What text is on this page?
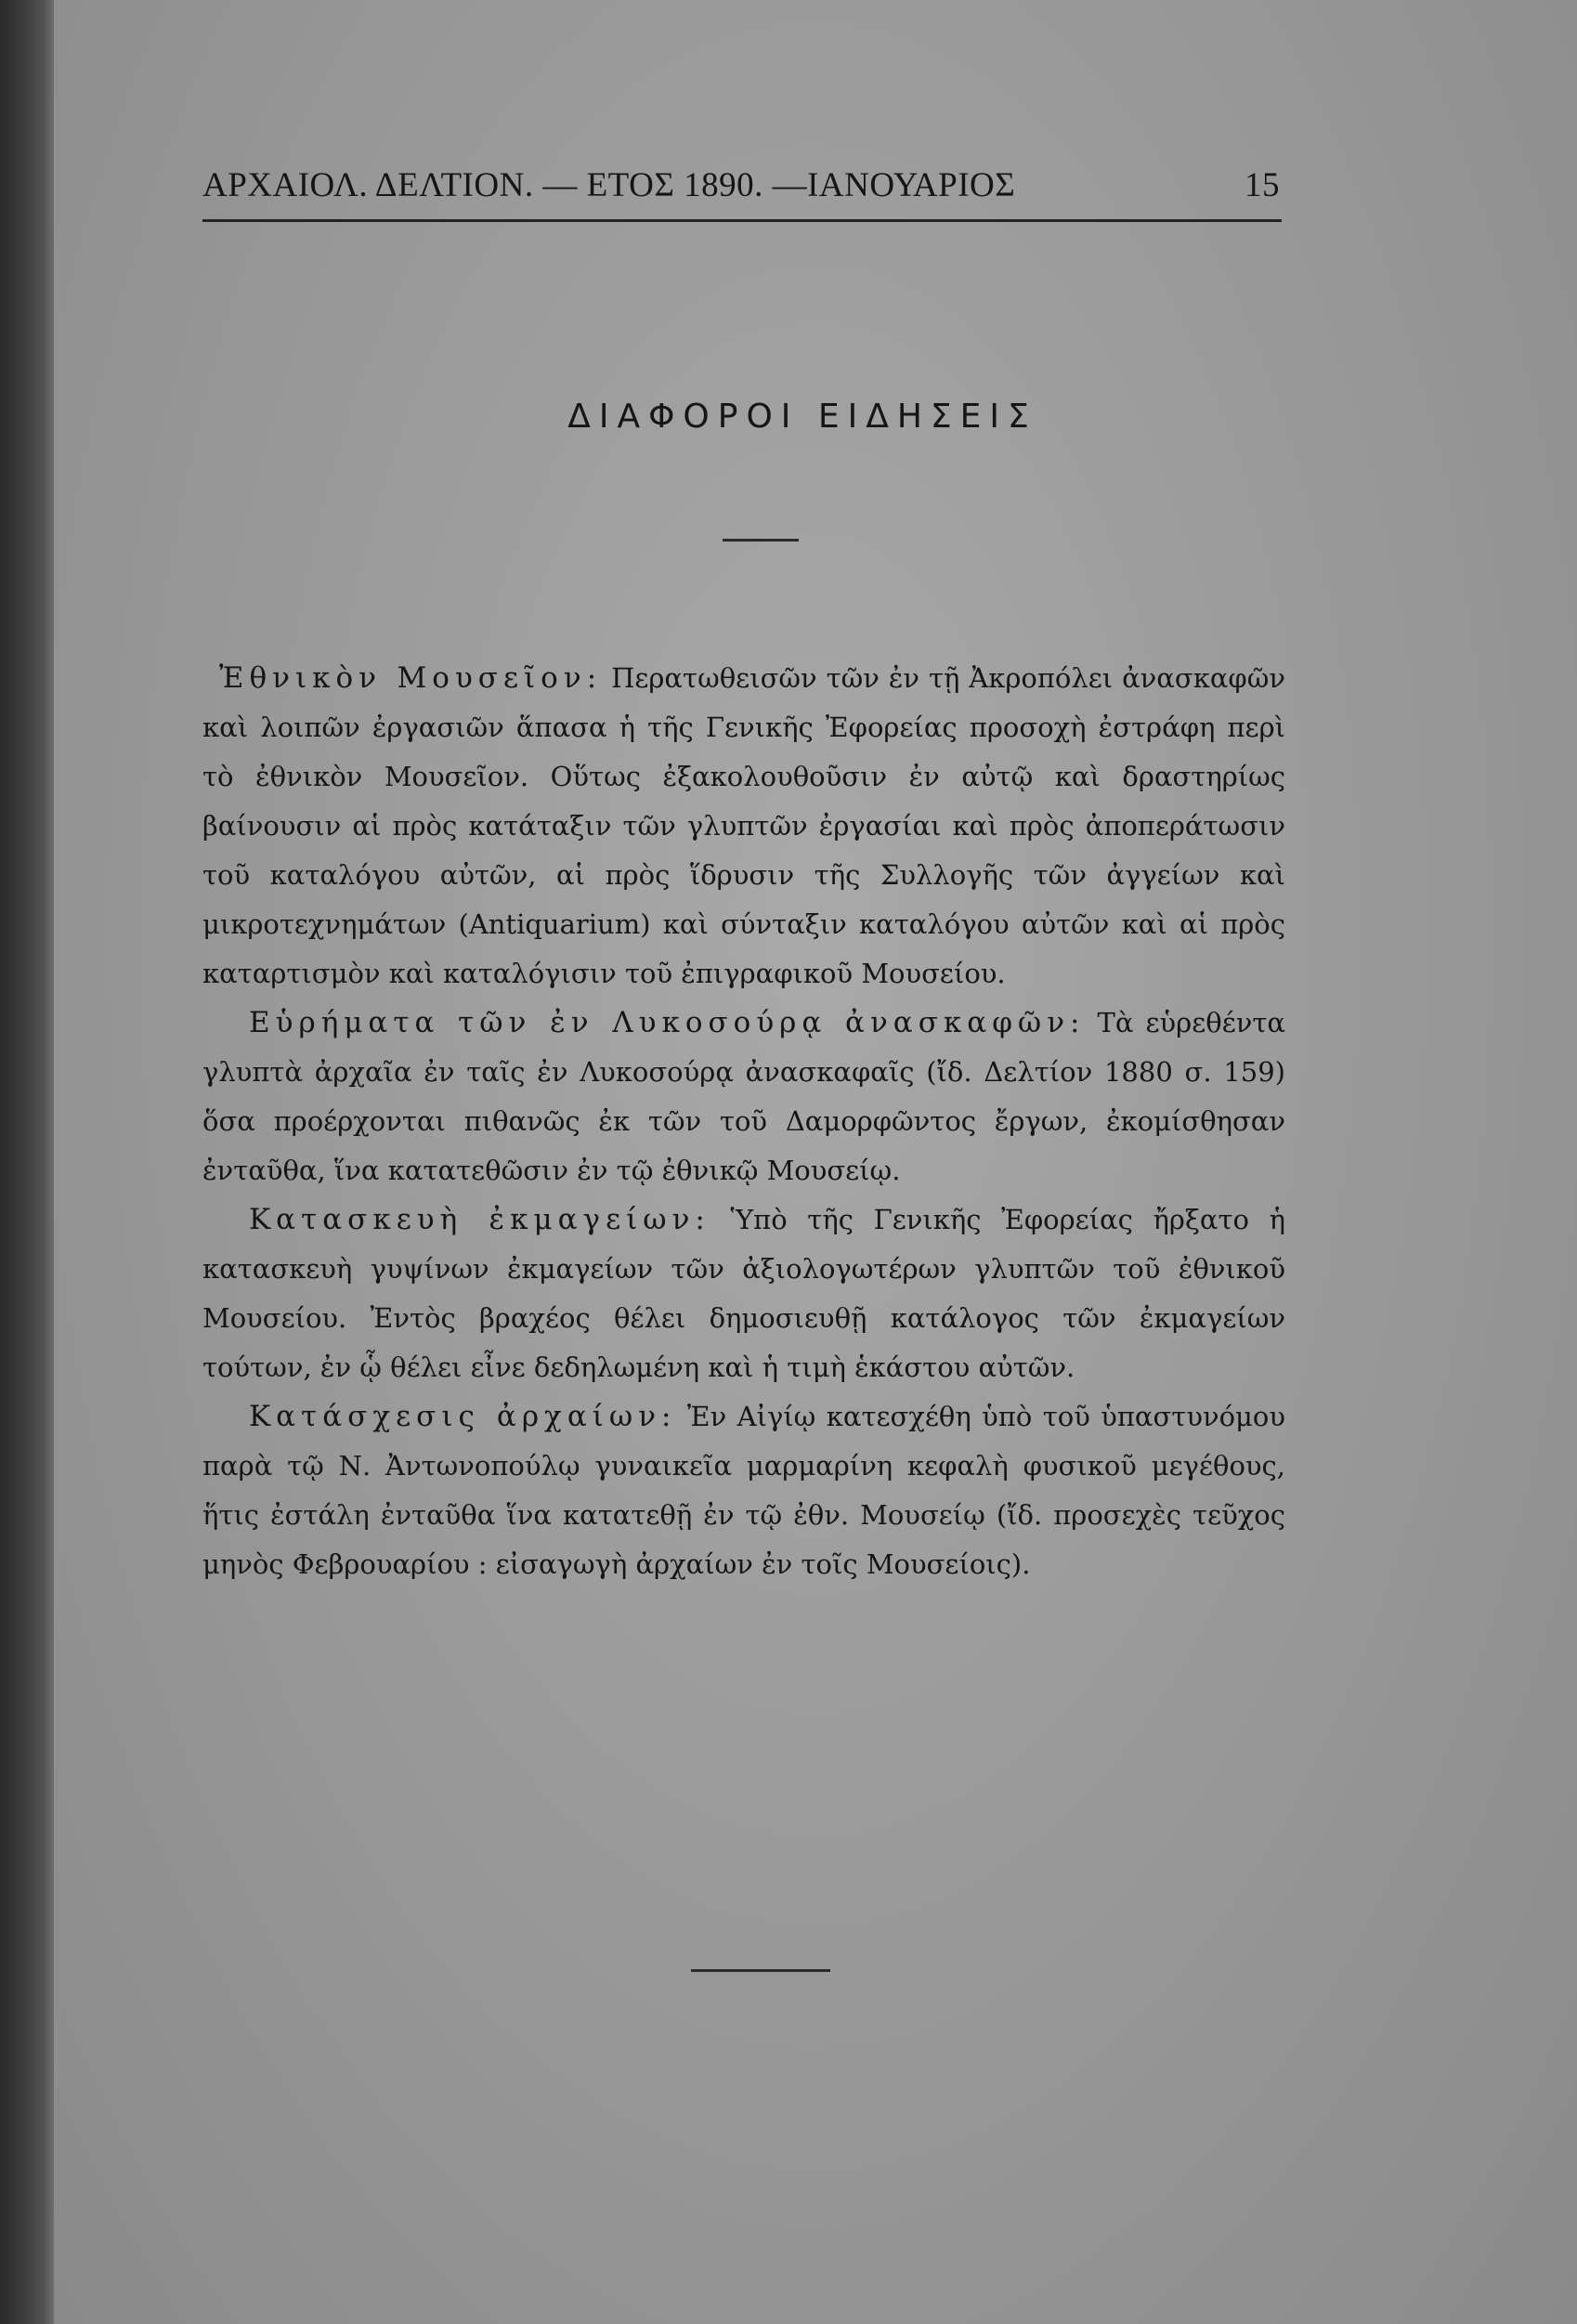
ΑΡΧΑΙΟΛ. ΔΕΛΤΙΟΝ. — ΕΤΟΣ 1890. —ΙΑΝΟΥΑΡΙΟΣ	15
ΔΙΑΦΟΡΟΙ ΕΙΔΗΣΕΙΣ

Ἐθνικὸν Μουσεῖον: Περατωθεισῶν τῶν ἐν τῇ Ἀκροπόλει ἀνασκαφῶν καὶ λοιπῶν ἐργασιῶν ἅπασα ἡ τῆς Γενικῆς Ἐφορείας προσοχὴ ἐστράφη περὶ τὸ ἐθνικὸν Μουσεῖον. Οὕτως ἐξακολουθοῦσιν ἐν αὐτῷ καὶ δραστηρίως βαίνουσιν αἱ πρὸς κατάταξιν τῶν γλυπτῶν ἐργασίαι καὶ πρὸς ἀποπεράτωσιν τοῦ καταλόγου αὐτῶν, αἱ πρὸς ἵδρυσιν τῆς Συλλογῆς τῶν ἀγγείων καὶ μικροτεχνημάτων (Antiquarium) καὶ σύνταξιν καταλόγου αὐτῶν καὶ αἱ πρὸς καταρτισμὸν καὶ καταλόγισιν τοῦ ἐπιγραφικοῦ Μουσείου.

Εὑρήματα τῶν ἐν Λυκοσούρᾳ ἀνασκαφῶν: Τὰ εὑρεθέντα γλυπτὰ ἀρχαῖα ἐν ταῖς ἐν Λυκοσούρᾳ ἀνασκαφαῖς (ἴδ. Δελτίον 1880 σ. 159) ὅσα προέρχονται πιθανῶς ἐκ τῶν τοῦ Δαμορφῶντος ἔργων, ἐκομίσθησαν ἐνταῦθα, ἵνα κατατεθῶσιν ἐν τῷ ἐθνικῷ Μουσείῳ.

Κατασκευὴ ἐκμαγείων: Ὑπὸ τῆς Γενικῆς Ἐφορείας ἤρξατο ἡ κατασκευὴ γυψίνων ἐκμαγείων τῶν ἀξιολογωτέρων γλυπτῶν τοῦ ἐθνικοῦ Μουσείου. Ἐντὸς βραχέος θέλει δημοσιευθῇ κατάλογος τῶν ἐκμαγείων τούτων, ἐν ᾧ θέλει εἶνε δεδηλωμένη καὶ ἡ τιμὴ ἑκάστου αὐτῶν.

Κατάσχεσις ἀρχαίων: Ἐν Αἰγίῳ κατεσχέθη ὑπὸ τοῦ ὑπαστυνόμου παρὰ τῷ Ν. Ἀντωνοπούλῳ γυναικεῖα μαρμαρίνη κεφαλὴ φυσικοῦ μεγέθους, ἥτις ἐστάλη ἐνταῦθα ἵνα κατατεθῇ ἐν τῷ ἐθν. Μουσείῳ (ἴδ. προσεχὲς τεῦχος μηνὸς Φεβρουαρίου : εἰσαγωγὴ ἀρχαίων ἐν τοῖς Μουσείοις).
